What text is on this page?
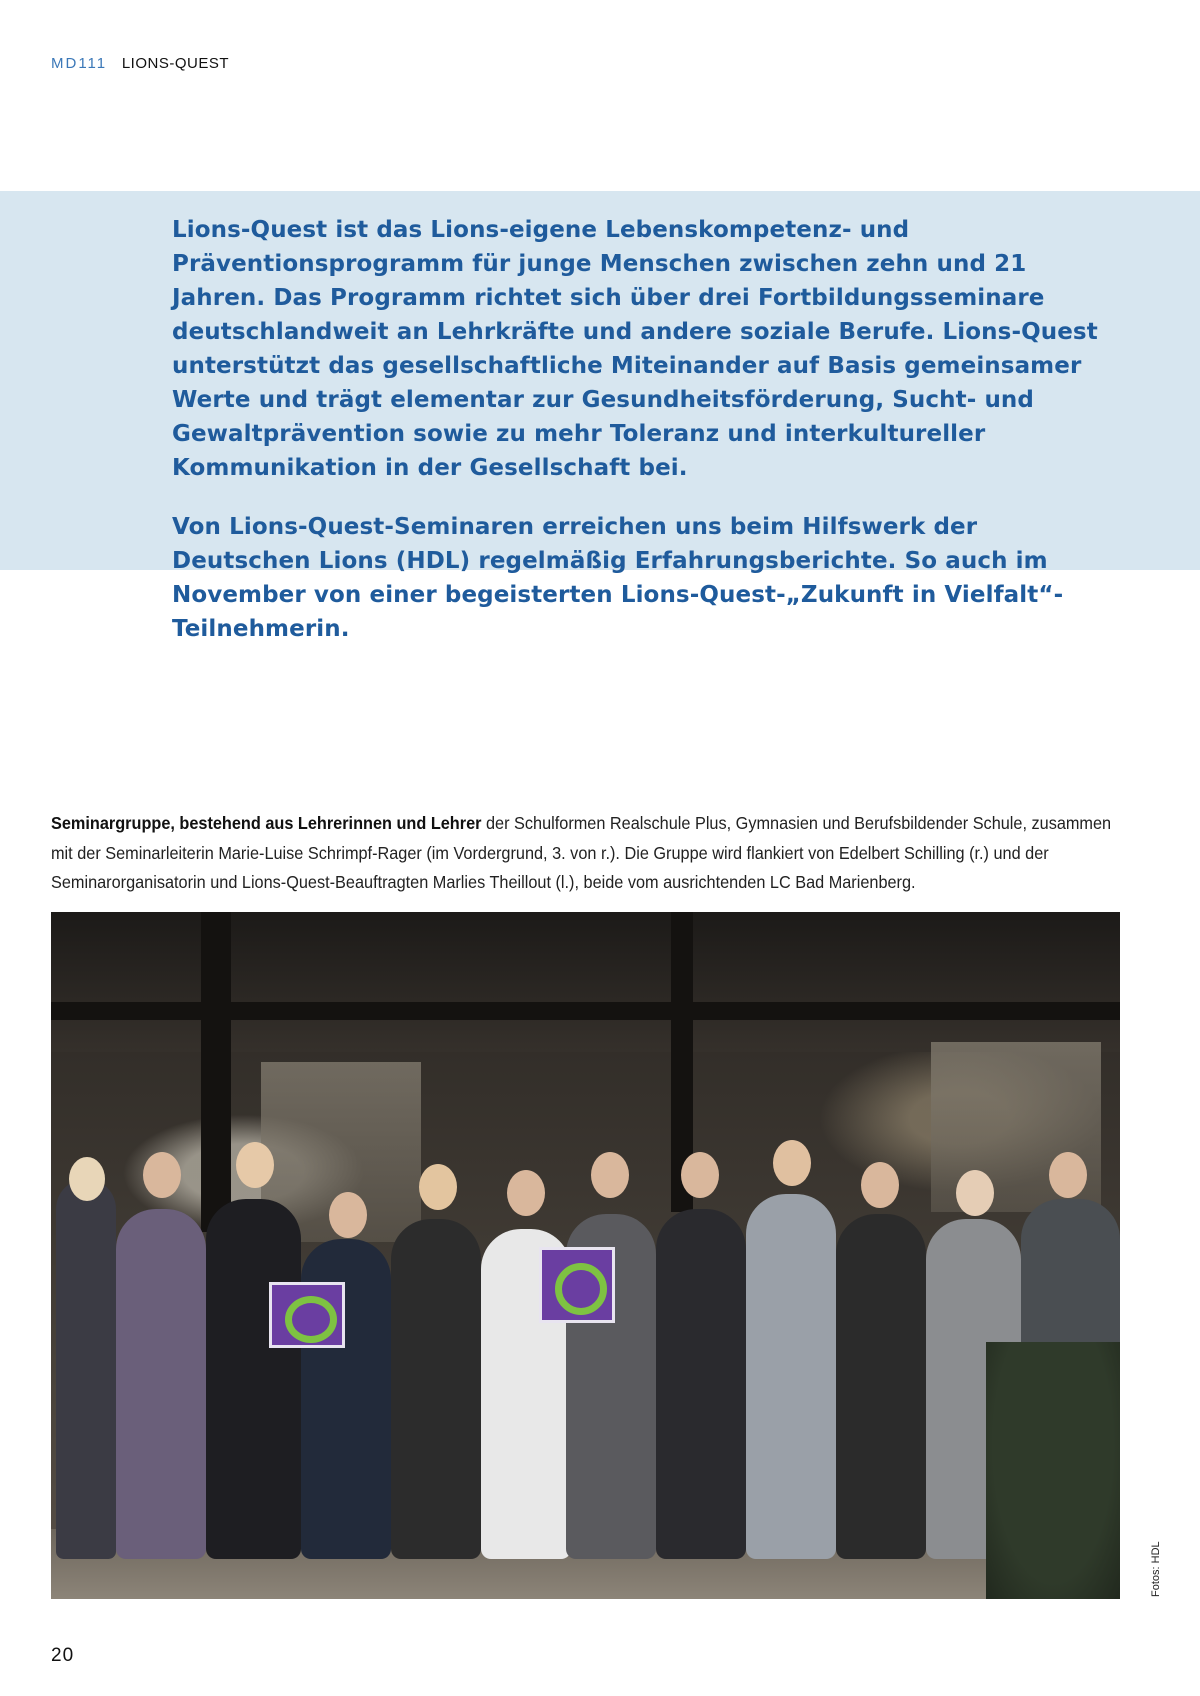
MD111 LIONS-QUEST

Lions-Quest ist das Lions-eigene Lebenskompetenz- und Präventionsprogramm für junge Menschen zwischen zehn und 21 Jahren. Das Programm richtet sich über drei Fortbildungsseminare deutschlandweit an Lehrkräfte und andere soziale Berufe. Lions-Quest unterstützt das gesellschaftliche Miteinander auf Basis gemeinsamer Werte und trägt elementar zur Gesundheitsförderung, Sucht- und Gewaltprävention sowie zu mehr Toleranz und interkultureller Kommunikation in der Gesellschaft bei.

Von Lions-Quest-Seminaren erreichen uns beim Hilfswerk der Deutschen Lions (HDL) regelmäßig Erfahrungsberichte. So auch im November von einer begeisterten Lions-Quest-„Zukunft in Vielfalt“-Teilnehmerin.

Seminargruppe, bestehend aus Lehrerinnen und Lehrer der Schulformen Realschule Plus, Gymnasien und Berufsbildender Schule, zusammen mit der Seminarleiterin Marie-Luise Schrimpf-Rager (im Vordergrund, 3. von r.). Die Gruppe wird flankiert von Edelbert Schilling (r.) und der Seminarorganisatorin und Lions-Quest-Beauftragten Marlies Theillout (l.), beide vom ausrichtenden LC Bad Marienberg.
Fotos: HDL
20
